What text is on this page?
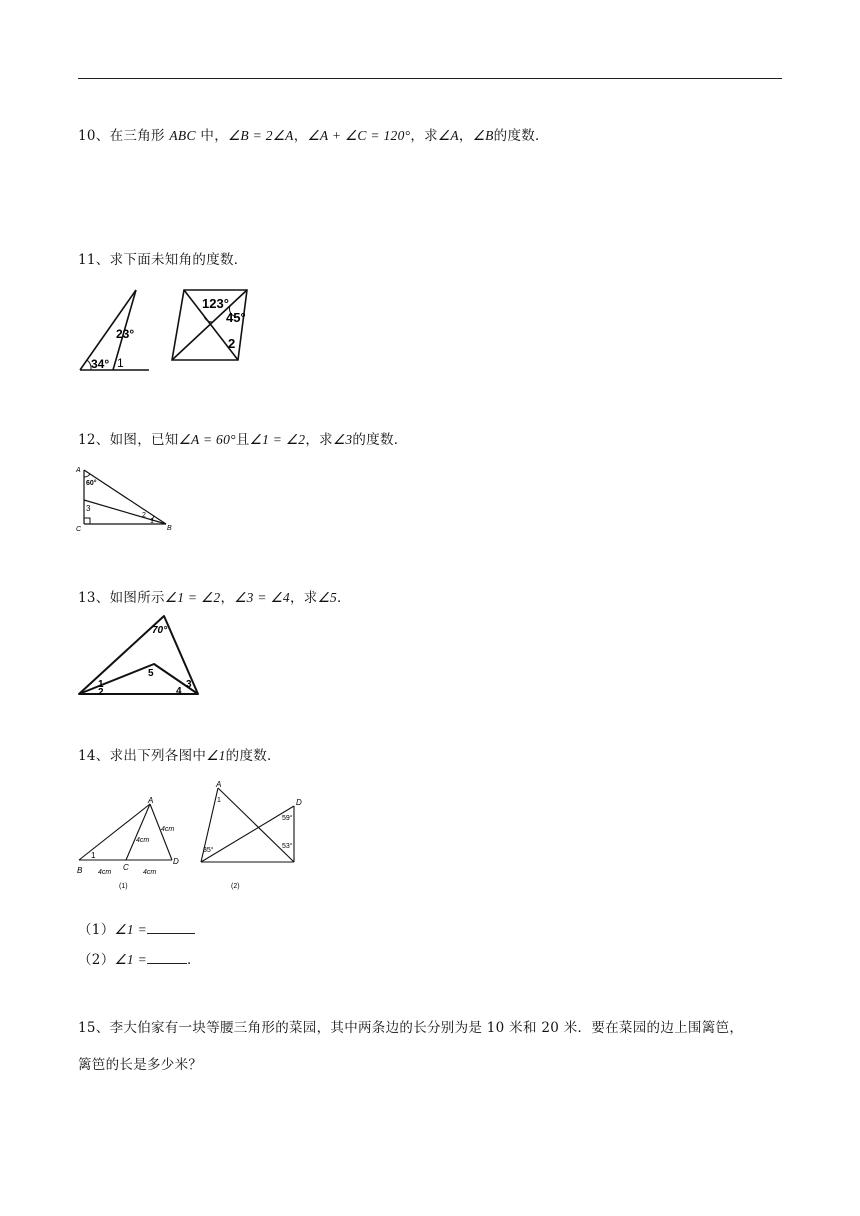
10、在三角形 ABC 中，∠B = 2∠A，∠A + ∠C = 120°，求∠A，∠B的度数．
11、求下面未知角的度数．
23°
34° 1
123°
45°
2
12、如图，已知∠A = 60°且∠1 = ∠2，求∠3的度数．
A
B
C
60°
3
2
1
13、如图所示∠1 = ∠2，∠3 = ∠4，求∠5．
70°
5
1
2
3
4
14、求出下列各图中∠1的度数．
A
B	C
D
1
4cm
4cm
4cm	4cm
(1)
A
D
1
35°
59°
53°
(2)
（1）∠1 =
（2）∠1 =	．
15、李大伯家有一块等腰三角形的菜园，其中两条边的长分别为是 10 米和 20 米．要在菜园的边上围篱笆，
篱笆的长是多少米？
